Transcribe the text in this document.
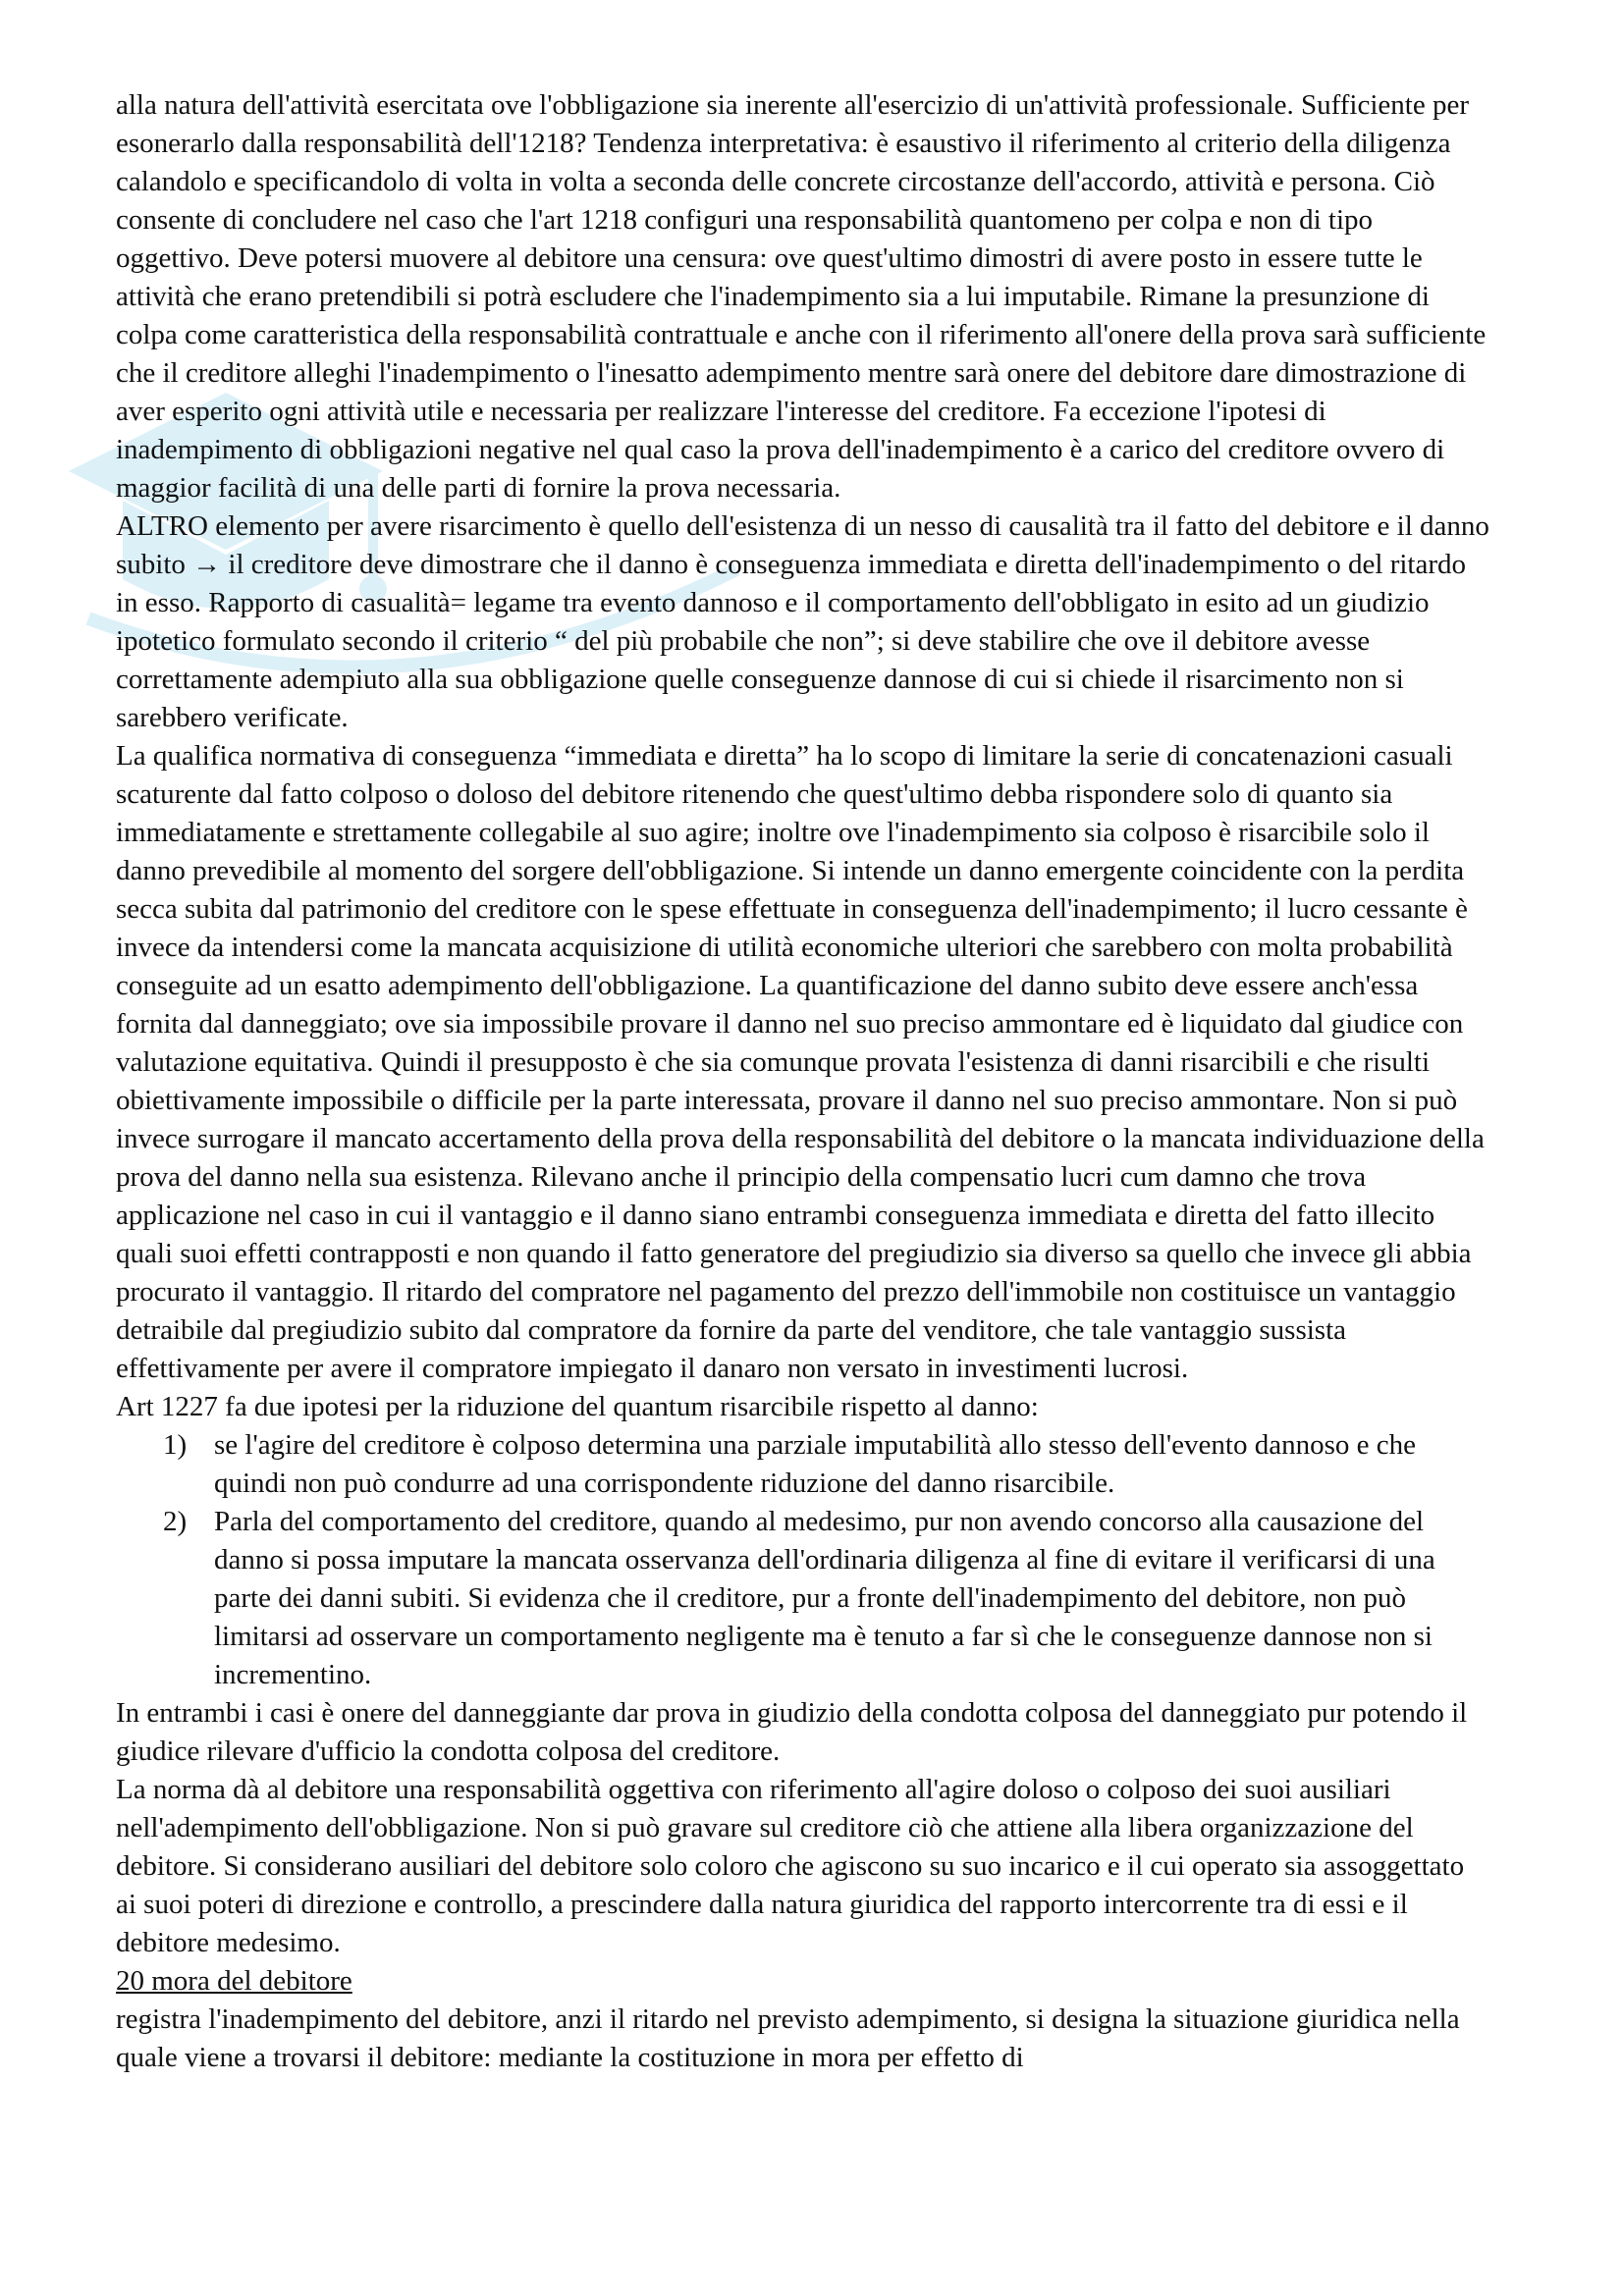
alla natura dell'attività esercitata ove l'obbligazione sia inerente all'esercizio di un'attività professionale. Sufficiente per esonerarlo dalla responsabilità dell'1218? Tendenza interpretativa: è esaustivo il riferimento al criterio della diligenza calandolo e specificandolo di volta in volta a seconda delle concrete circostanze dell'accordo, attività e persona. Ciò consente di concludere nel caso che l'art 1218 configuri una responsabilità quantomeno per colpa e non di tipo oggettivo. Deve potersi muovere al debitore una censura: ove quest'ultimo dimostri di avere posto in essere tutte le attività che erano pretendibili si potrà escludere che l'inadempimento sia a lui imputabile. Rimane la presunzione di colpa come caratteristica della responsabilità contrattuale e anche con il riferimento all'onere della prova sarà sufficiente che il creditore alleghi l'inadempimento o l'inesatto adempimento mentre sarà onere del debitore dare dimostrazione di aver esperito ogni attività utile e necessaria per realizzare l'interesse del creditore. Fa eccezione l'ipotesi di inadempimento di obbligazioni negative nel qual caso la prova dell'inadempimento è a carico del creditore ovvero di maggior facilità di una delle parti di fornire la prova necessaria.

ALTRO elemento per avere risarcimento è quello dell'esistenza di un nesso di causalità tra il fatto del debitore e il danno subito → il creditore deve dimostrare che il danno è conseguenza immediata e diretta dell'inadempimento o del ritardo in esso. Rapporto di casualità= legame tra evento dannoso e il comportamento dell'obbligato in esito ad un giudizio ipotetico formulato secondo il criterio “ del più probabile che non”; si deve stabilire che ove il debitore avesse correttamente adempiuto alla sua obbligazione quelle conseguenze dannose di cui si chiede il risarcimento non si sarebbero verificate.

La qualifica normativa di conseguenza “immediata e diretta” ha lo scopo di limitare la serie di concatenazioni casuali scaturente dal fatto colposo o doloso del debitore ritenendo che quest'ultimo debba rispondere solo di quanto sia immediatamente e strettamente collegabile al suo agire; inoltre ove l'inadempimento sia colposo è risarcibile solo il danno prevedibile al momento del sorgere dell'obbligazione. Si intende un danno emergente coincidente con la perdita secca subita dal patrimonio del creditore con le spese effettuate in conseguenza dell'inadempimento; il lucro cessante è invece da intendersi come la mancata acquisizione di utilità economiche ulteriori che sarebbero con molta probabilità conseguite ad un esatto adempimento dell'obbligazione. La quantificazione del danno subito deve essere anch'essa fornita dal danneggiato; ove sia impossibile provare il danno nel suo preciso ammontare ed è liquidato dal giudice con valutazione equitativa. Quindi il presupposto è che sia comunque provata l'esistenza di danni risarcibili e che risulti obiettivamente impossibile o difficile per la parte interessata, provare il danno nel suo preciso ammontare. Non si può invece surrogare il mancato accertamento della prova della responsabilità del debitore o la mancata individuazione della prova del danno nella sua esistenza. Rilevano anche il principio della compensatio lucri cum damno che trova applicazione nel caso in cui il vantaggio e il danno siano entrambi conseguenza immediata e diretta del fatto illecito quali suoi effetti contrapposti e non quando il fatto generatore del pregiudizio sia diverso sa quello che invece gli abbia procurato il vantaggio. Il ritardo del compratore nel pagamento del prezzo dell'immobile non costituisce un vantaggio detraibile dal pregiudizio subito dal compratore da fornire da parte del venditore, che tale vantaggio sussista effettivamente per avere il compratore impiegato il danaro non versato in investimenti lucrosi.

Art 1227 fa due ipotesi per la riduzione del quantum risarcibile rispetto al danno:

1) se l'agire del creditore è colposo determina una parziale imputabilità allo stesso dell'evento dannoso e che quindi non può condurre ad una corrispondente riduzione del danno risarcibile.
2) Parla del comportamento del creditore, quando al medesimo, pur non avendo concorso alla causazione del danno si possa imputare la mancata osservanza dell'ordinaria diligenza al fine di evitare il verificarsi di una parte dei danni subiti. Si evidenza che il creditore, pur a fronte dell'inadempimento del debitore, non può limitarsi ad osservare un comportamento negligente ma è tenuto a far sì che le conseguenze dannose non si incrementino.

In entrambi i casi è onere del danneggiante dar prova in giudizio della condotta colposa del danneggiato pur potendo il giudice rilevare d'ufficio la condotta colposa del creditore.

La norma dà al debitore una responsabilità oggettiva con riferimento all'agire doloso o colposo dei suoi ausiliari nell'adempimento dell'obbligazione. Non si può gravare sul creditore ciò che attiene alla libera organizzazione del debitore. Si considerano ausiliari del debitore solo coloro che agiscono su suo incarico e il cui operato sia assoggettato ai suoi poteri di direzione e controllo, a prescindere dalla natura giuridica del rapporto intercorrente tra di essi e il debitore medesimo.

20 mora del debitore

registra l'inadempimento del debitore, anzi il ritardo nel previsto adempimento, si designa la situazione giuridica nella quale viene a trovarsi il debitore: mediante la costituzione in mora per effetto di
